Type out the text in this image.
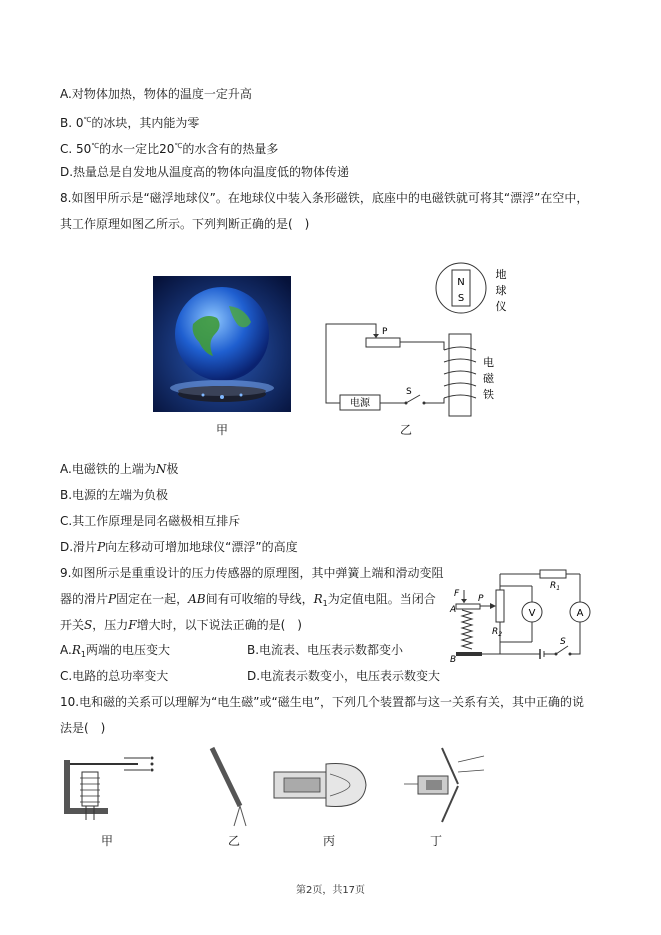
A.对物体加热，物体的温度一定升高
B. 0℃的冰块，其内能为零
C. 50℃的水一定比20℃的水含有的热量多
D.热量总是自发地从温度高的物体向温度低的物体传递
8.如图甲所示是“磁浮地球仪”。在地球仪中装入条形磁铁，底座中的电磁铁就可将其“漂浮”在空中，
其工作原理如图乙所示。下列判断正确的是(　)
甲
N
S
地
球
仪
电
磁
铁
P
电源
S
乙
A.电磁铁的上端为N极
B.电源的左端为负极
C.其工作原理是同名磁极相互排斥
D.滑片P向左移动可增加地球仪“漂浮”的高度
9.如图所示是重重设计的压力传感器的原理图，其中弹簧上端和滑动变阻
器的滑片P固定在一起，AB间有可收缩的导线，$R_1$为定值电阻。当闭合
开关S，压力F增大时，以下说法正确的是(　)
$A.R_1$两端的电压变大	B.电流表、电压表示数都变小
C.电路的总功率变大	D.电流表示数变小，电压表示数变大
$R_1$
A
$R_2$
V
P
A
F
B
S
10.电和磁的关系可以理解为“电生磁”或“磁生电”，下列几个装置都与这一关系有关，其中正确的说
法是(　)
甲	乙	丙	丁
第2页，共17页
